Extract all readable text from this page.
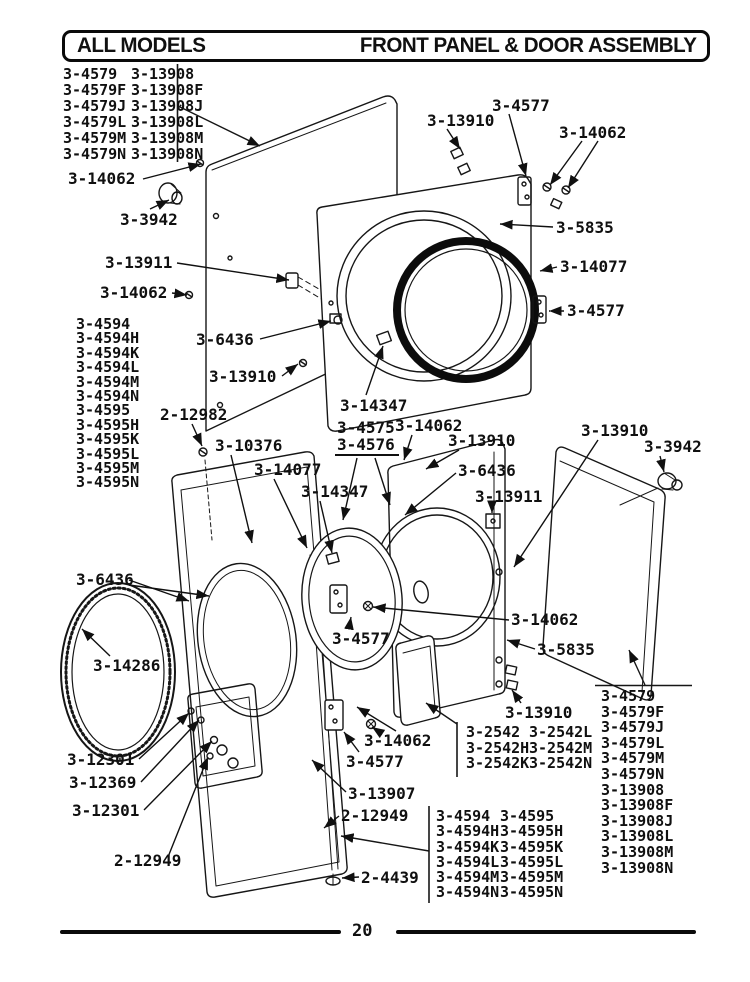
ALL MODELS	FRONT PANEL & DOOR ASSEMBLY
3-4579 3-13908
3-4579F 3-13908F
3-4579J 3-13908J
3-4579L 3-13908L
3-4579M 3-13908M
3-4579N 3-13908N
3-4594
3-4594H
3-4594K
3-4594L
3-4594M
3-4594N
3-4595
3-4595H
3-4595K
3-4595L
3-4595M
3-4595N
3-2542 3-2542L
3-2542H3-2542M
3-2542K3-2542N
3-4594 3-4595
3-4594H3-4595H
3-4594K3-4595K
3-4594L3-4595L
3-4594M3-4595M
3-4594N3-4595N
3-4579
3-4579F
3-4579J
3-4579L
3-4579M
3-4579N
3-13908
3-13908F
3-13908J
3-13908L
3-13908M
3-13908N
3-14062
3-3942
3-13911
3-14062
3-4577
3-13910
3-14062
3-5835
3-14077
3-4577
3-6436
3-13910
3-14347
2-12982
3-10376
3-14077
3-14347
3-4575
3-4576
3-14062
3-13910
3-6436
3-13911
3-13910
3-3942
3-6436
3-14286
3-4577
3-14062
3-5835
3-13910
3-12301
3-12369
3-12301
2-12949
3-14062
3-4577
3-13907
2-12949
2-4439
20
